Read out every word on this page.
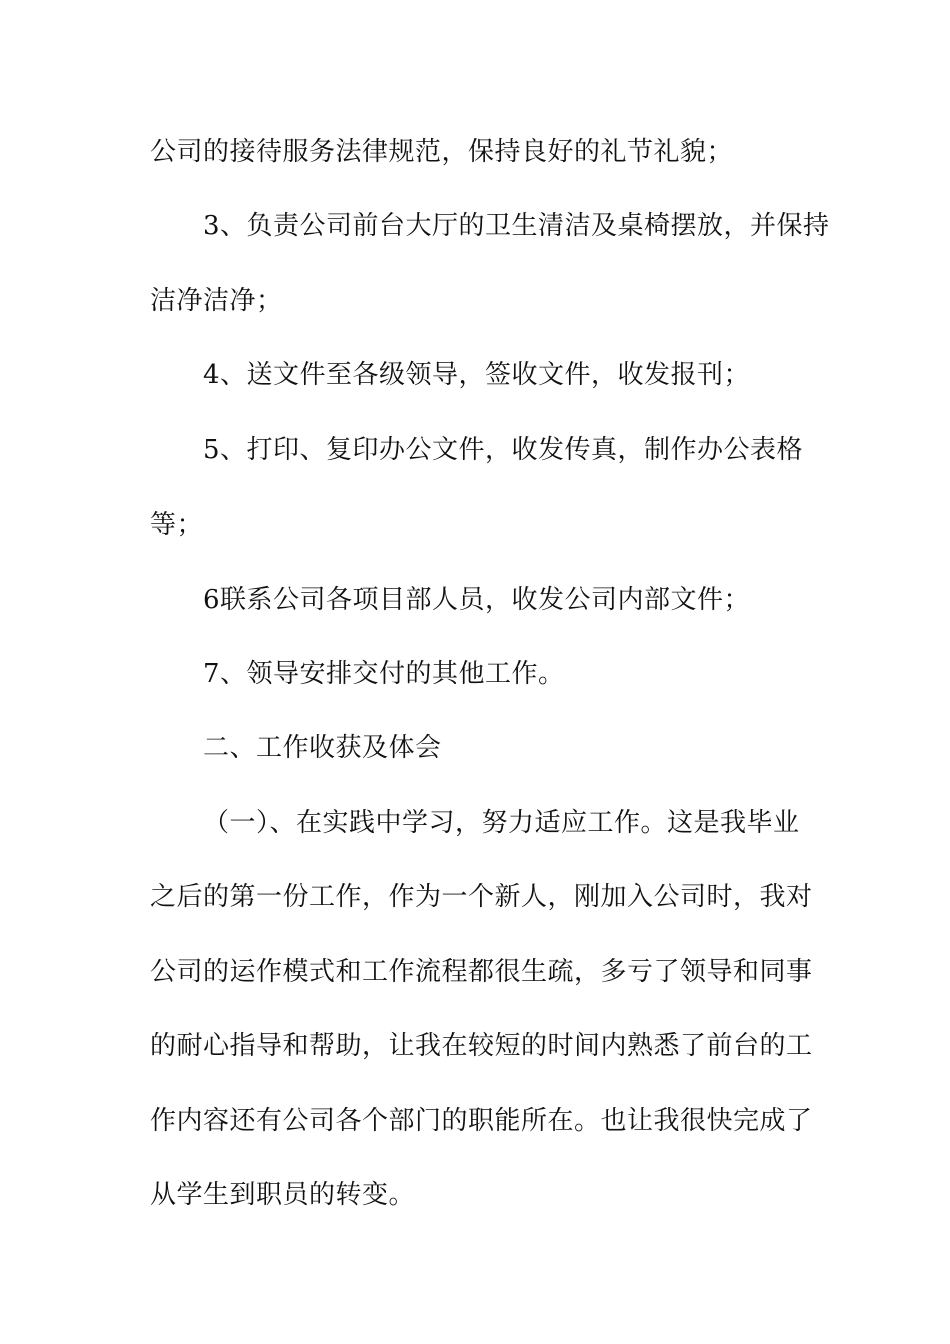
公司的接待服务法律规范，保持良好的礼节礼貌；

3、负责公司前台大厅的卫生清洁及桌椅摆放，并保持

洁净洁净；

4、送文件至各级领导，签收文件，收发报刊；

5、打印、复印办公文件，收发传真，制作办公表格

等；

6联系公司各项目部人员，收发公司内部文件；

7、领导安排交付的其他工作。

二、工作收获及体会

（一）、在实践中学习，努力适应工作。这是我毕业

之后的第一份工作，作为一个新人，刚加入公司时，我对

公司的运作模式和工作流程都很生疏，多亏了领导和同事

的耐心指导和帮助，让我在较短的时间内熟悉了前台的工

作内容还有公司各个部门的职能所在。也让我很快完成了

从学生到职员的转变。
